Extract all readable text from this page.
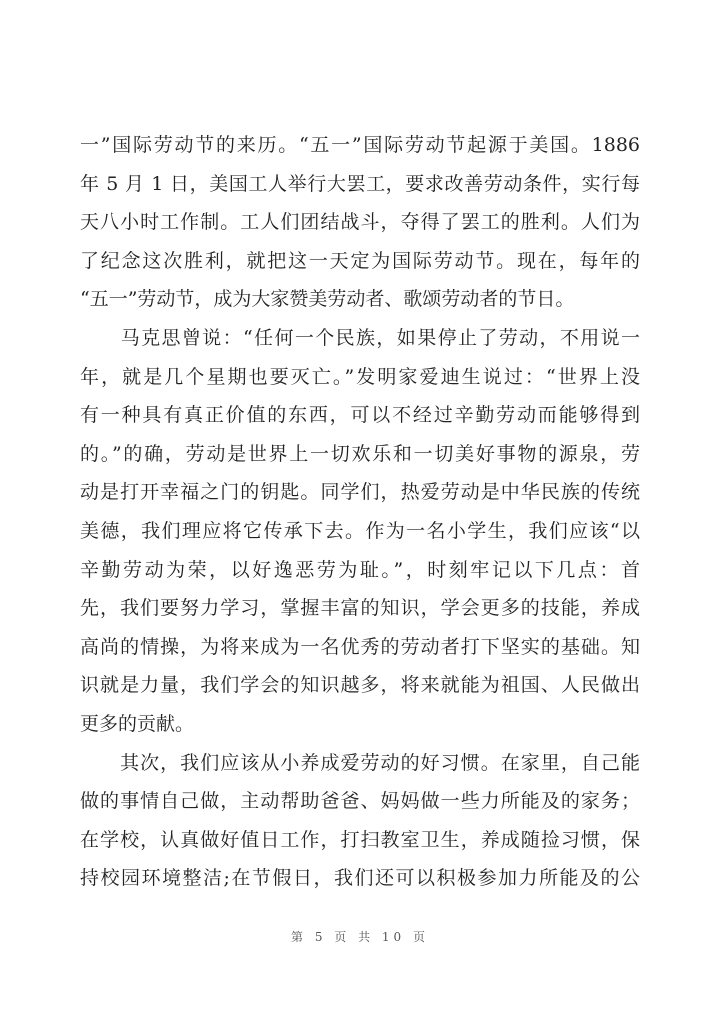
一”国际劳动节的来历。“五一”国际劳动节起源于美国。1886
年 5 月 1 日，美国工人举行大罢工，要求改善劳动条件，实行每
天八小时工作制。工人们团结战斗，夺得了罢工的胜利。人们为
了纪念这次胜利，就把这一天定为国际劳动节。现在，每年的
“五一”劳动节，成为大家赞美劳动者、歌颂劳动者的节日。
　　马克思曾说：“任何一个民族，如果停止了劳动，不用说一
年，就是几个星期也要灭亡。”发明家爱迪生说过：“世界上没
有一种具有真正价值的东西，可以不经过辛勤劳动而能够得到
的。”的确，劳动是世界上一切欢乐和一切美好事物的源泉，劳
动是打开幸福之门的钥匙。同学们，热爱劳动是中华民族的传统
美德，我们理应将它传承下去。作为一名小学生，我们应该“以
辛勤劳动为荣，以好逸恶劳为耻。”，时刻牢记以下几点：首
先，我们要努力学习，掌握丰富的知识，学会更多的技能，养成
高尚的情操，为将来成为一名优秀的劳动者打下坚实的基础。知
识就是力量，我们学会的知识越多，将来就能为祖国、人民做出
更多的贡献。
　　其次，我们应该从小养成爱劳动的好习惯。在家里，自己能
做的事情自己做，主动帮助爸爸、妈妈做一些力所能及的家务；
在学校，认真做好值日工作，打扫教室卫生，养成随捡习惯，保
持校园环境整洁;在节假日，我们还可以积极参加力所能及的公
第 5 页 共 10 页
